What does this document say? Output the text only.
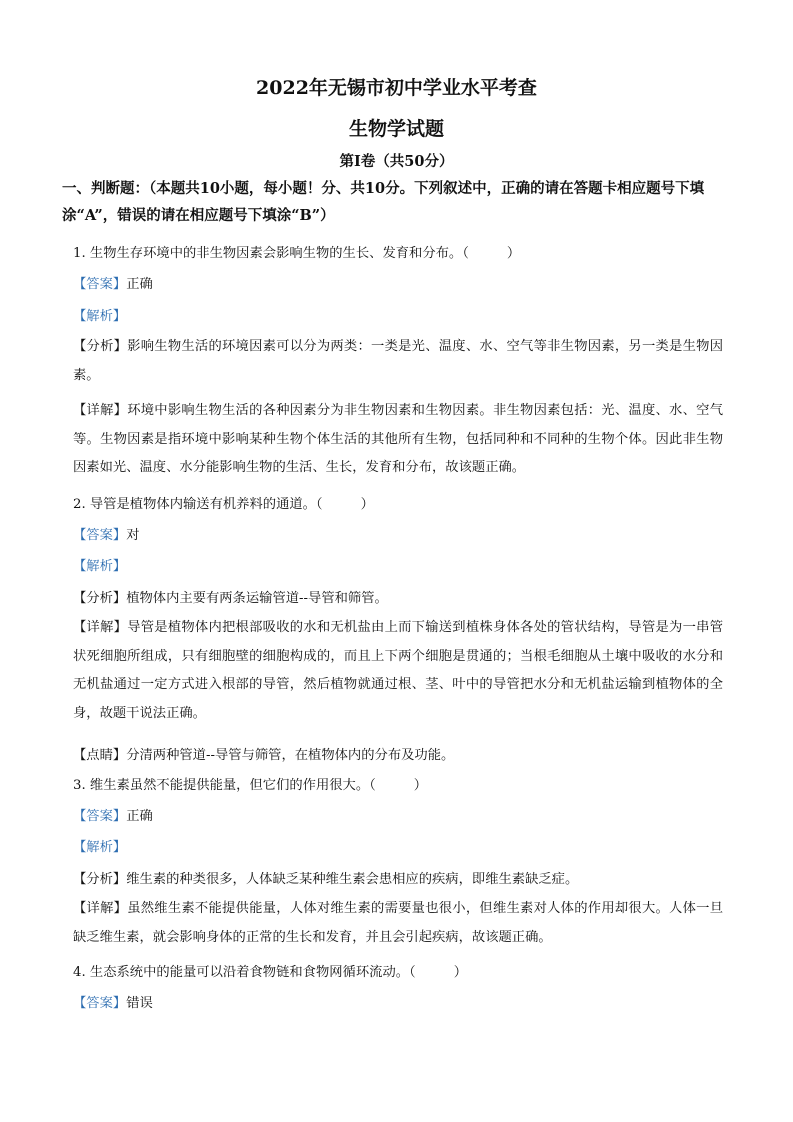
2022年无锡市初中学业水平考查
生物学试题
第Ⅰ卷（共50分）

一、判断题：（本题共10小题，每小题！分、共10分。下列叙述中，正确的请在答题卡相应题号下填涂“A”，错误的请在相应题号下填涂“B”）

1. 生物生存环境中的非生物因素会影响生物的生长、发育和分布。（	）

【答案】正确

【解析】

【分析】影响生物生活的环境因素可以分为两类：一类是光、温度、水、空气等非生物因素，另一类是生物因素。

【详解】环境中影响生物生活的各种因素分为非生物因素和生物因素。非生物因素包括：光、温度、水、空气等。生物因素是指环境中影响某种生物个体生活的其他所有生物，包括同种和不同种的生物个体。因此非生物因素如光、温度、水分能影响生物的生活、生长，发育和分布，故该题正确。

2. 导管是植物体内输送有机养料的通道。（	）

【答案】对

【解析】

【分析】植物体内主要有两条运输管道--导管和筛管。

【详解】导管是植物体内把根部吸收的水和无机盐由上而下输送到植株身体各处的管状结构，导管是为一串管状死细胞所组成，只有细胞壁的细胞构成的，而且上下两个细胞是贯通的；当根毛细胞从土壤中吸收的水分和无机盐通过一定方式进入根部的导管，然后植物就通过根、茎、叶中的导管把水分和无机盐运输到植物体的全身，故题干说法正确。

【点睛】分清两种管道--导管与筛管，在植物体内的分布及功能。

3. 维生素虽然不能提供能量，但它们的作用很大。（	）

【答案】正确

【解析】

【分析】维生素的种类很多，人体缺乏某种维生素会患相应的疾病，即维生素缺乏症。

【详解】虽然维生素不能提供能量，人体对维生素的需要量也很小，但维生素对人体的作用却很大。人体一旦缺乏维生素，就会影响身体的正常的生长和发育，并且会引起疾病，故该题正确。

4. 生态系统中的能量可以沿着食物链和食物网循环流动。（	）

【答案】错误
